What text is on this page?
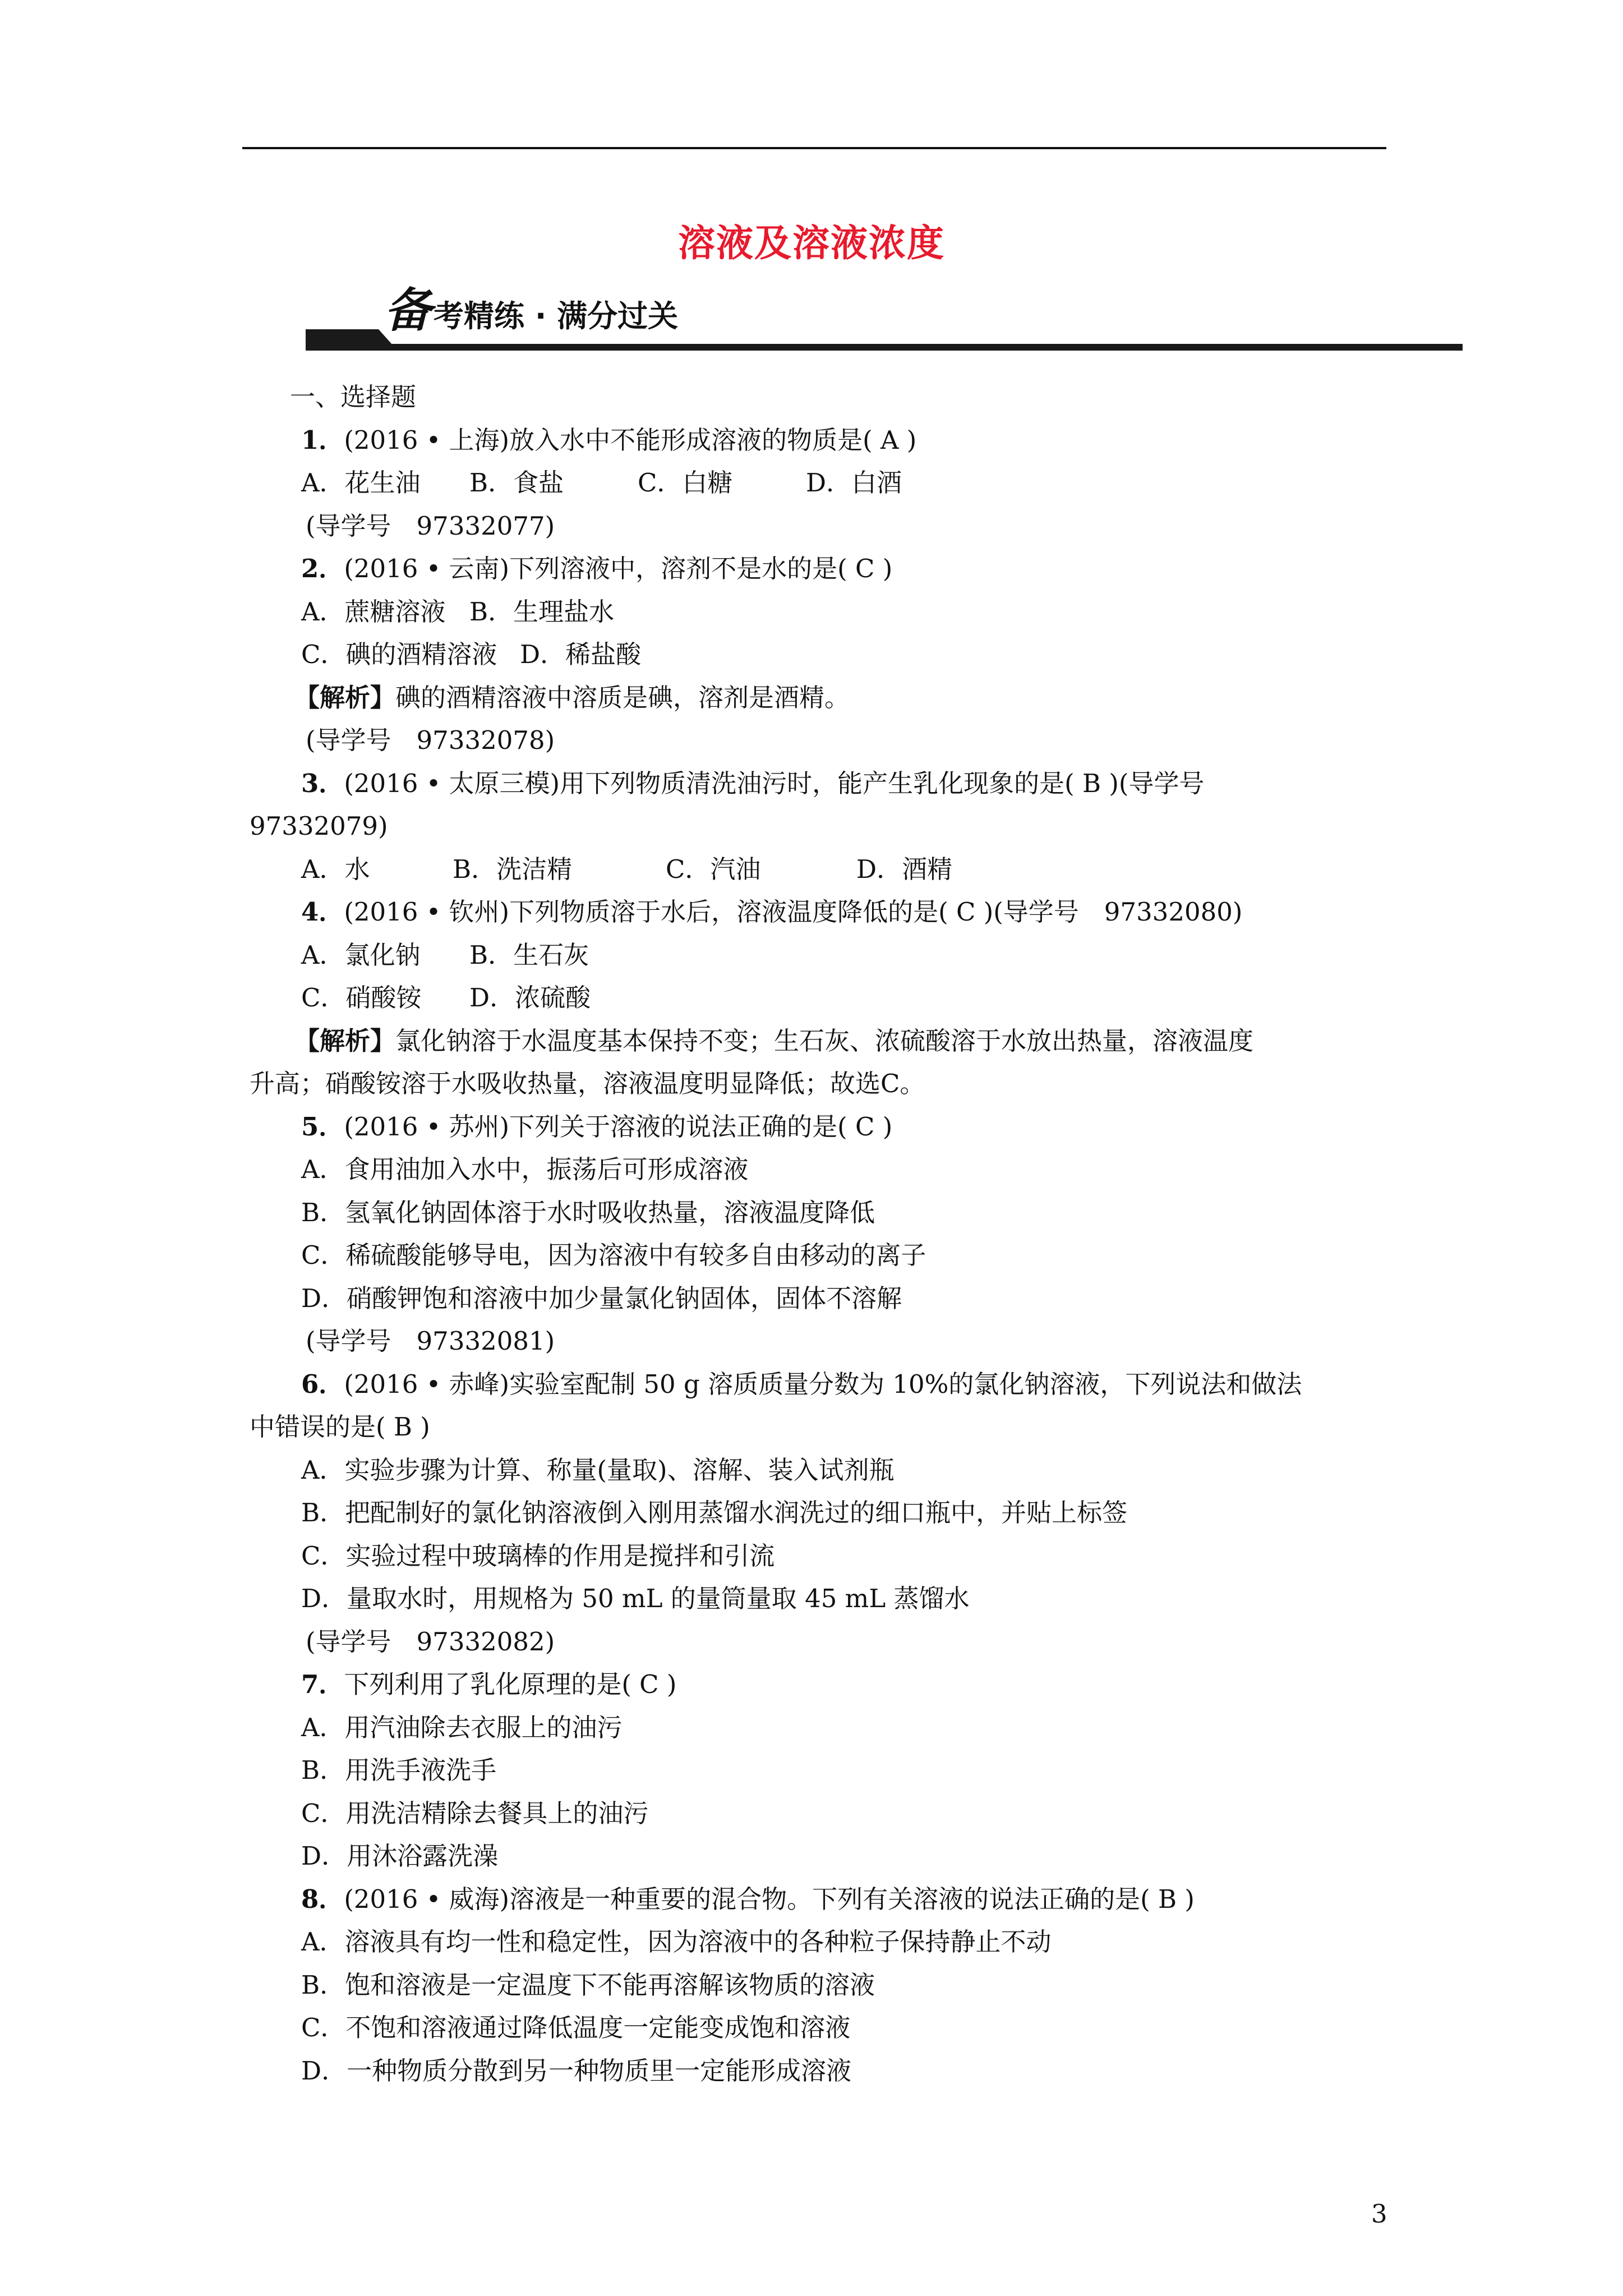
溶液及溶液浓度
备考精练 · 满分过关
一、选择题
1．(2016 • 上海)放入水中不能形成溶液的物质是( A )
A．花生油 B．食盐	C．白糖	D．白酒
(导学号　97332077)
2．(2016 • 云南)下列溶液中，溶剂不是水的是( C )
A．蔗糖溶液 B．生理盐水
C．碘的酒精溶液 D．稀盐酸
【解析】碘的酒精溶液中溶质是碘，溶剂是酒精。
(导学号　97332078)
3．(2016 • 太原三模)用下列物质清洗油污时，能产生乳化现象的是( B )(导学号
97332079)
A．水	B．洗洁精	C．汽油	D．酒精
4．(2016 • 钦州)下列物质溶于水后，溶液温度降低的是( C )(导学号　97332080)
A．氯化钠 B．生石灰
C．硝酸铵 D．浓硫酸
【解析】氯化钠溶于水温度基本保持不变；生石灰、浓硫酸溶于水放出热量，溶液温度
升高；硝酸铵溶于水吸收热量，溶液温度明显降低；故选C。
5．(2016 • 苏州)下列关于溶液的说法正确的是( C )
A．食用油加入水中，振荡后可形成溶液
B．氢氧化钠固体溶于水时吸收热量，溶液温度降低
C．稀硫酸能够导电，因为溶液中有较多自由移动的离子
D．硝酸钾饱和溶液中加少量氯化钠固体，固体不溶解
(导学号　97332081)
6．(2016 • 赤峰)实验室配制 50 g 溶质质量分数为 10%的氯化钠溶液，下列说法和做法
中错误的是( B )
A．实验步骤为计算、称量(量取)、溶解、装入试剂瓶
B．把配制好的氯化钠溶液倒入刚用蒸馏水润洗过的细口瓶中，并贴上标签
C．实验过程中玻璃棒的作用是搅拌和引流
D．量取水时，用规格为 50 mL 的量筒量取 45 mL 蒸馏水
(导学号　97332082)
7．下列利用了乳化原理的是( C )
A．用汽油除去衣服上的油污
B．用洗手液洗手
C．用洗洁精除去餐具上的油污
D．用沐浴露洗澡
8．(2016 • 威海)溶液是一种重要的混合物。下列有关溶液的说法正确的是( B )
A．溶液具有均一性和稳定性，因为溶液中的各种粒子保持静止不动
B．饱和溶液是一定温度下不能再溶解该物质的溶液
C．不饱和溶液通过降低温度一定能变成饱和溶液
D．一种物质分散到另一种物质里一定能形成溶液
3
